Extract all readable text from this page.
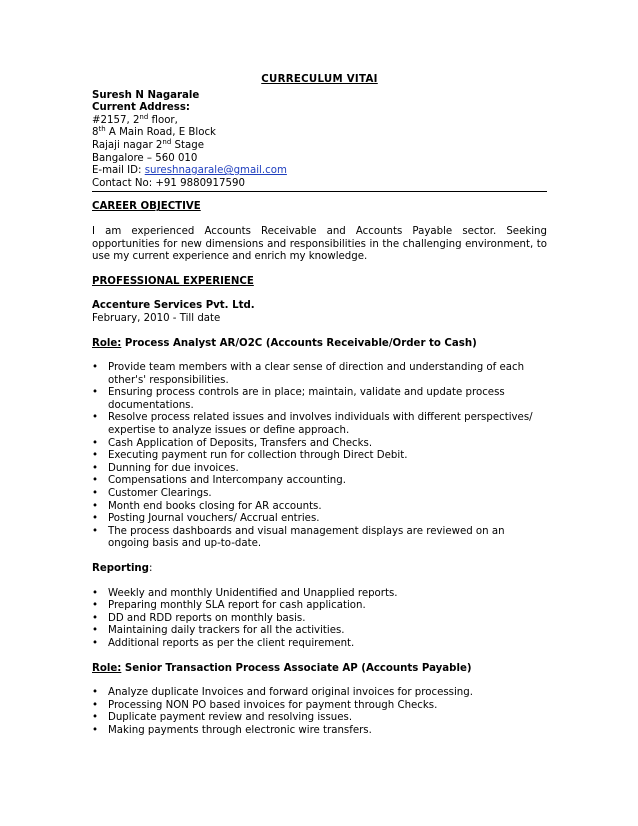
CURRECULUM VITAI
Suresh N Nagarale
Current Address:
#2157, 2nd floor,
8th A Main Road, E Block
Rajaji nagar 2nd Stage
Bangalore – 560 010
E-mail ID: sureshnagarale@gmail.com
Contact No: +91 9880917590
CAREER OBJECTIVE
I am experienced Accounts Receivable and Accounts Payable sector. Seeking opportunities for new dimensions and responsibilities in the challenging environment, to use my current experience and enrich my knowledge.
PROFESSIONAL EXPERIENCE
Accenture Services Pvt. Ltd.
February, 2010 - Till date
Role: Process Analyst AR/O2C (Accounts Receivable/Order to Cash)
• Provide team members with a clear sense of direction and understanding of each other's' responsibilities.
• Ensuring process controls are in place; maintain, validate and update process documentations.
• Resolve process related issues and involves individuals with different perspectives/ expertise to analyze issues or define approach.
• Cash Application of Deposits, Transfers and Checks.
• Executing payment run for collection through Direct Debit.
• Dunning for due invoices.
• Compensations and Intercompany accounting.
• Customer Clearings.
• Month end books closing for AR accounts.
• Posting Journal vouchers/ Accrual entries.
• The process dashboards and visual management displays are reviewed on an ongoing basis and up-to-date.
Reporting:
• Weekly and monthly Unidentified and Unapplied reports.
• Preparing monthly SLA report for cash application.
• DD and RDD reports on monthly basis.
• Maintaining daily trackers for all the activities.
• Additional reports as per the client requirement.
Role: Senior Transaction Process Associate AP (Accounts Payable)
• Analyze duplicate Invoices and forward original invoices for processing.
• Processing NON PO based invoices for payment through Checks.
• Duplicate payment review and resolving issues.
• Making payments through electronic wire transfers.
